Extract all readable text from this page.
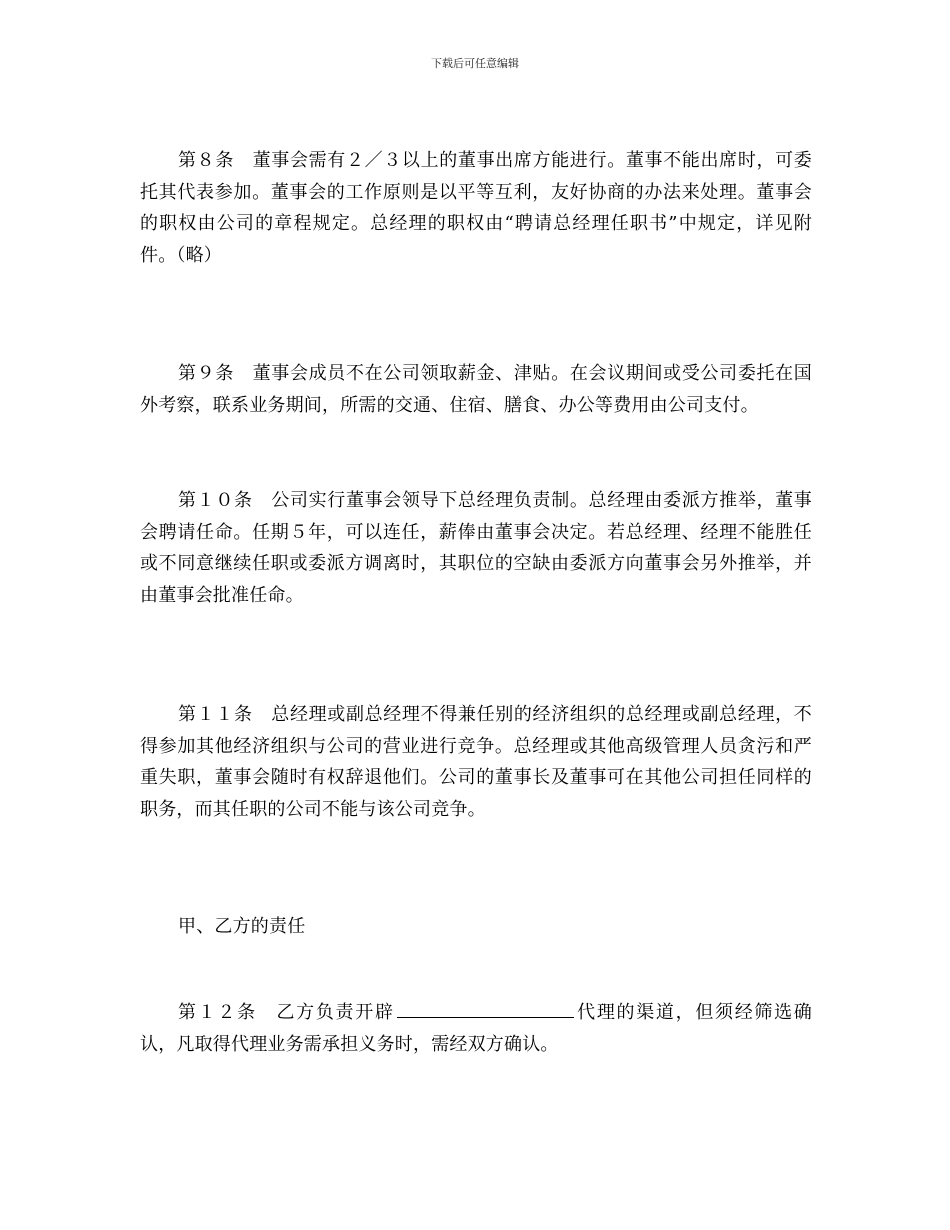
下载后可任意编辑

第８条　董事会需有２／３以上的董事出席方能进行。董事不能出席时，可委托其代表参加。董事会的工作原则是以平等互利，友好协商的办法来处理。董事会的职权由公司的章程规定。总经理的职权由“聘请总经理任职书”中规定，详见附件。（略）

第９条　董事会成员不在公司领取薪金、津贴。在会议期间或受公司委托在国外考察，联系业务期间，所需的交通、住宿、膳食、办公等费用由公司支付。

第１０条　公司实行董事会领导下总经理负责制。总经理由委派方推举，董事会聘请任命。任期５年，可以连任，薪俸由董事会决定。若总经理、经理不能胜任或不同意继续任职或委派方调离时，其职位的空缺由委派方向董事会另外推举，并由董事会批准任命。

第１１条　总经理或副总经理不得兼任别的经济组织的总经理或副总经理，不得参加其他经济组织与公司的营业进行竞争。总经理或其他高级管理人员贪污和严重失职，董事会随时有权辞退他们。公司的董事长及董事可在其他公司担任同样的职务，而其任职的公司不能与该公司竞争。

甲、乙方的责任

第１２条　乙方负责开辟	代理的渠道，但须经筛选确认，凡取得代理业务需承担义务时，需经双方确认。
